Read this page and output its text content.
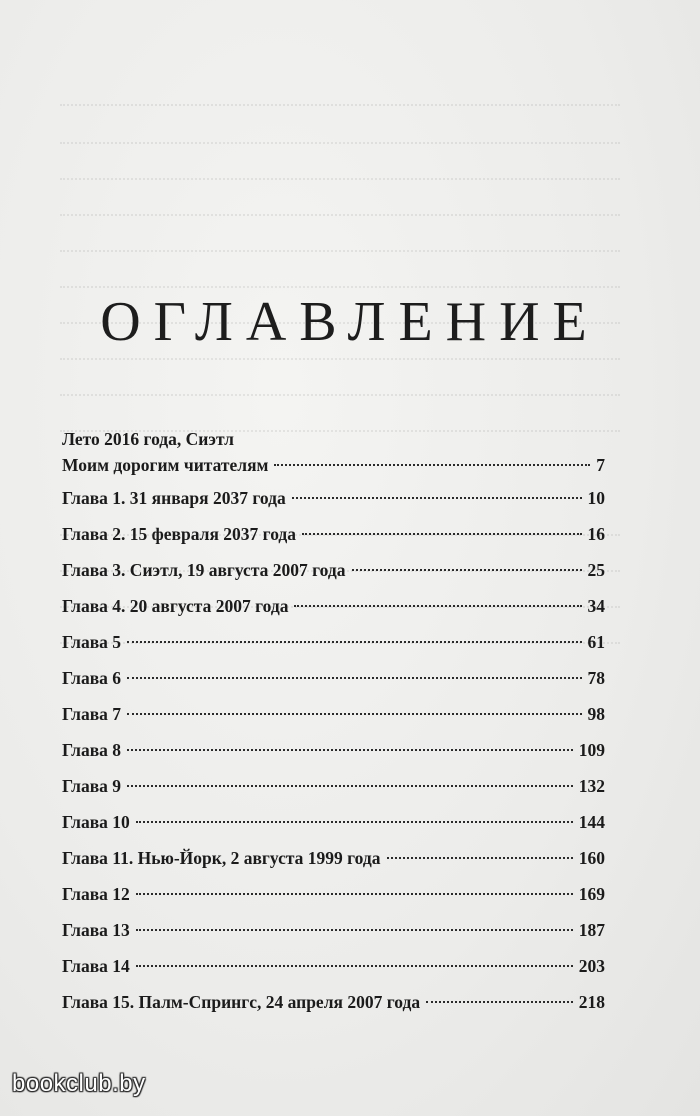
ОГЛАВЛЕНИЕ
Лето 2016 года, Сиэтл
Моим дорогим читателям	7
Глава 1. 31 января 2037 года	10
Глава 2. 15 февраля 2037 года	16
Глава 3. Сиэтл, 19 августа 2007 года	25
Глава 4. 20 августа 2007 года	34
Глава 5	61
Глава 6	78
Глава 7	98
Глава 8	109
Глава 9	132
Глава 10	144
Глава 11. Нью-Йорк, 2 августа 1999 года	160
Глава 12	169
Глава 13	187
Глава 14	203
Глава 15. Палм-Спрингс, 24 апреля 2007 года	218
bookclub.by
